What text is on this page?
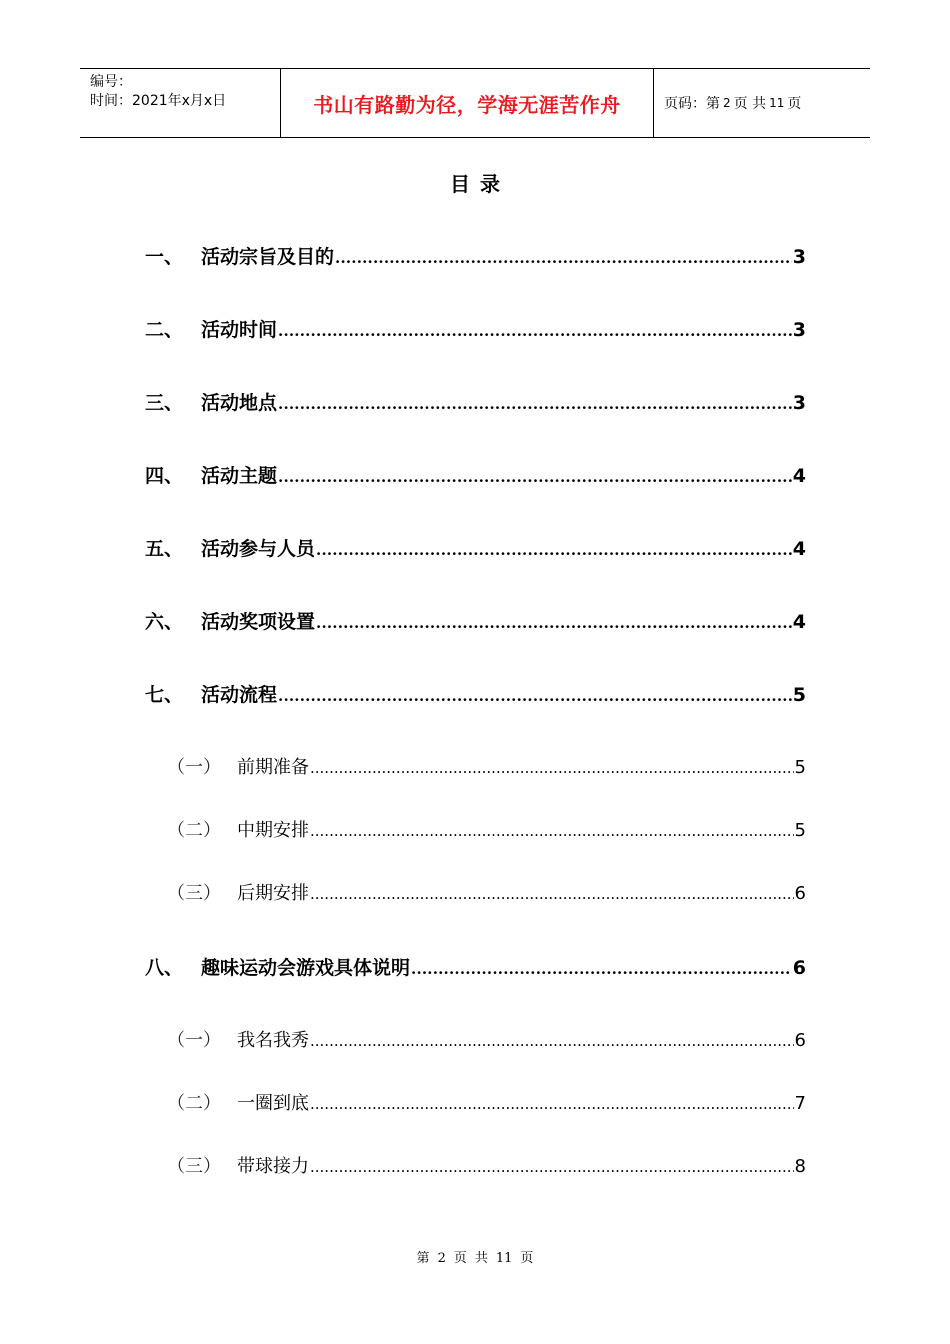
编号：
时间：2021年x月x日	书山有路勤为径，学海无涯苦作舟	页码：第 2 页 共 11 页
目 录
一、 活动宗旨及目的 .....	3
二、 活动时间 .....	3
三、 活动地点 .....	3
四、 活动主题 .....	4
五、 活动参与人员 .....	4
六、 活动奖项设置 .....	4
七、 活动流程 .....	5
（一） 前期准备 .....	5
（二） 中期安排 .....	5
（三） 后期安排 .....	6
八、 趣味运动会游戏具体说明 .....	6
（一） 我名我秀 .....	6
（二） 一圈到底 .....	7
（三） 带球接力 .....	8
第 2 页 共 11 页
